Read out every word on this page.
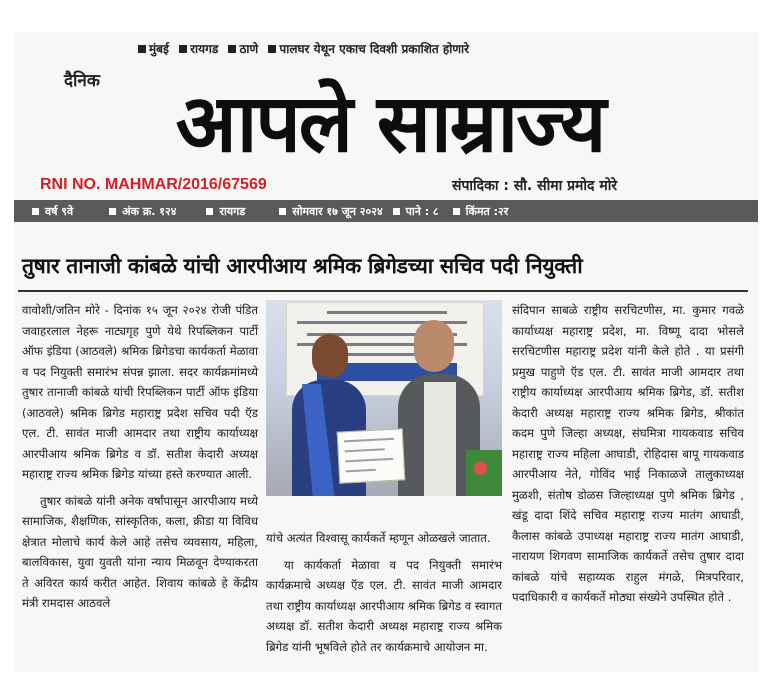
मुंबई रायगड ठाणे पालघर येथून एकाच दिवशी प्रकाशित होणारे
दैनिक आपले साम्राज्य
RNI NO. MAHMAR/2016/67569	संपादिका : सौ. सीमा प्रमोद मोरे
वर्ष ९वे	अंक क्र. १२४	रायगड	सोमवार १७ जून २०२४ पाने : ८ किंमत :२र
तुषार तानाजी कांबळे यांची आरपीआय श्रमिक ब्रिगेडच्या सचिव पदी नियुक्ती

वावोशी/जतिन मोरे - दिनांक १५ जून २०२४ रोजी पंडित जवाहरलाल नेहरू नाट्यगृह पुणे येथे रिपब्लिकन पार्टी ऑफ इंडिया (आठवले) श्रमिक ब्रिगेडचा कार्यकर्ता मेळावा व पद नियुक्ती समारंभ संपन्न झाला. सदर कार्यक्रमांमध्ये तुषार तानाजी कांबळे यांची रिपब्लिकन पार्टी ऑफ इंडिया (आठवले) श्रमिक ब्रिगेड महाराष्ट्र प्रदेश सचिव पदी ऍड एल. टी. सावंत माजी आमदार तथा राष्ट्रीय कार्याध्यक्ष आरपीआय श्रमिक ब्रिगेड व डॉ. सतीश केदारी अध्यक्ष महाराष्ट्र राज्य श्रमिक ब्रिगेड यांच्या हस्ते करण्यात आली.

तुषार कांबळे यांनी अनेक वर्षांपासून आरपीआय मध्ये सामाजिक, शैक्षणिक, सांस्कृतिक, कला, क्रीडा या विविध क्षेत्रात मोलाचे कार्य केले आहे तसेच व्यवसाय, महिला, बालविकास, युवा युवती यांना न्याय मिळवून देण्याकरता ते अविरत कार्य करीत आहेत. शिवाय कांबळे हे केंद्रीय मंत्री रामदास आठवले

यांचे अत्यंत विश्वासू कार्यकर्ते म्हणून ओळखले जातात.

या कार्यकर्ता मेळावा व पद नियुक्ती समारंभ कार्यक्रमाचे अध्यक्ष ऍड एल. टी. सावंत माजी आमदार तथा राष्ट्रीय कार्याध्यक्ष आरपीआय श्रमिक ब्रिगेड व स्वागत अध्यक्ष डॉ. सतीश केदारी अध्यक्ष महाराष्ट्र राज्य श्रमिक ब्रिगेड यांनी भूषविले होते तर कार्यक्रमाचे आयोजन मा.

संदिपान साबळे राष्ट्रीय सरचिटणीस, मा. कुमार गवळे कार्याध्यक्ष महाराष्ट्र प्रदेश, मा. विष्णू दादा भोसले सरचिटणीस महाराष्ट्र प्रदेश यांनी केले होते . या प्रसंगी प्रमुख पाहुणे ऍड एल. टी. सावंत माजी आमदार तथा राष्ट्रीय कार्याध्यक्ष आरपीआय श्रमिक ब्रिगेड, डॉ. सतीश केदारी अध्यक्ष महाराष्ट्र राज्य श्रमिक ब्रिगेड, श्रीकांत कदम पुणे जिल्हा अध्यक्ष, संघमित्रा गायकवाड सचिव महाराष्ट्र राज्य महिला आघाडी, रोहिदास बापू गायकवाड आरपीआय नेते, गोविंद भाई निकाळजे तालुकाध्यक्ष मुळशी, संतोष डोळस जिल्हाध्यक्ष पुणे श्रमिक ब्रिगेड , खंडू दादा शिंदे सचिव महाराष्ट्र राज्य मातंग आघाडी, कैलास कांबळे उपाध्यक्ष महाराष्ट्र राज्य मातंग आघाडी, नारायण शिगवण सामाजिक कार्यकर्ते तसेच तुषार दादा कांबळे यांचे सहाय्यक राहुल मंगळे, मित्रपरिवार, पदाधिकारी व कार्यकर्ते मोठ्या संख्येने उपस्थित होते .
